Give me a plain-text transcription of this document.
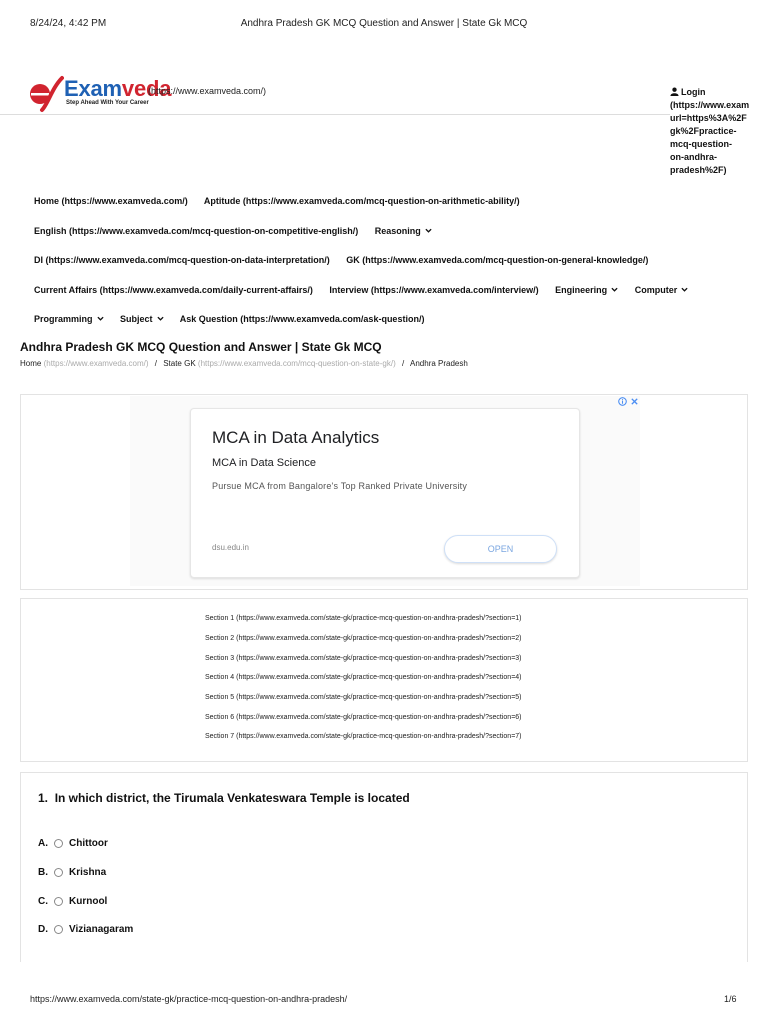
8/24/24, 4:42 PM	Andhra Pradesh GK MCQ Question and Answer | State Gk MCQ
Examveda
Step Ahead With Your Career
(https://www.examveda.com/)	Login
(https://www.exam
url=https%3A%2F
gk%2Fpractice-
mcq-question-
on-andhra-
pradesh%2F)
Home (https://www.examveda.com/) Aptitude (https://www.examveda.com/mcq-question-on-arithmetic-ability/)
English (https://www.examveda.com/mcq-question-on-competitive-english/) Reasoning
DI (https://www.examveda.com/mcq-question-on-data-interpretation/) GK (https://www.examveda.com/mcq-question-on-general-knowledge/)
Current Affairs (https://www.examveda.com/daily-current-affairs/) Interview (https://www.examveda.com/interview/) Engineering	Computer
Programming	Subject	Ask Question (https://www.examveda.com/ask-question/)
Andhra Pradesh GK MCQ Question and Answer | State Gk MCQ
Home (https://www.examveda.com/) / State GK (https://www.examveda.com/mcq-question-on-state-gk/) / Andhra Pradesh

MCA in Data Analytics
MCA in Data Science
Pursue MCA from Bangalore's Top Ranked Private University
dsu.edu.in	OPEN
Section 1 (https://www.examveda.com/state-gk/practice-mcq-question-on-andhra-pradesh/?section=1)
Section 2 (https://www.examveda.com/state-gk/practice-mcq-question-on-andhra-pradesh/?section=2)
Section 3 (https://www.examveda.com/state-gk/practice-mcq-question-on-andhra-pradesh/?section=3)
Section 4 (https://www.examveda.com/state-gk/practice-mcq-question-on-andhra-pradesh/?section=4)
Section 5 (https://www.examveda.com/state-gk/practice-mcq-question-on-andhra-pradesh/?section=5)
Section 6 (https://www.examveda.com/state-gk/practice-mcq-question-on-andhra-pradesh/?section=6)
Section 7 (https://www.examveda.com/state-gk/practice-mcq-question-on-andhra-pradesh/?section=7)
1. In which district, the Tirumala Venkateswara Temple is located
A. Chittoor
B. Krishna
C. Kurnool
D. Vizianagaram
https://www.examveda.com/state-gk/practice-mcq-question-on-andhra-pradesh/	1/6
